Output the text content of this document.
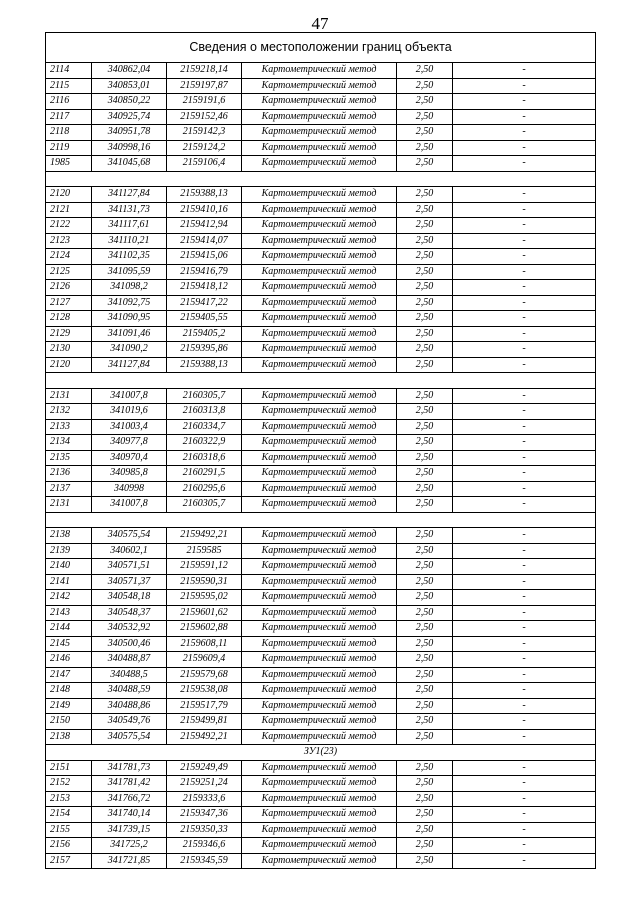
47
Сведения о местоположении границ объекта					
2114	340862,04	2159218,14	Картометрический метод	2,50	-
2115	340853,01	2159197,87	Картометрический метод	2,50	-
2116	340850,22	2159191,6	Картометрический метод	2,50	-
2117	340925,74	2159152,46	Картометрический метод	2,50	-
2118	340951,78	2159142,3	Картометрический метод	2,50	-
2119	340998,16	2159124,2	Картометрический метод	2,50	-
1985	341045,68	2159106,4	Картометрический метод	2,50	-

2120	341127,84	2159388,13	Картометрический метод	2,50	-
2121	341131,73	2159410,16	Картометрический метод	2,50	-
2122	341117,61	2159412,94	Картометрический метод	2,50	-
2123	341110,21	2159414,07	Картометрический метод	2,50	-
2124	341102,35	2159415,06	Картометрический метод	2,50	-
2125	341095,59	2159416,79	Картометрический метод	2,50	-
2126	341098,2	2159418,12	Картометрический метод	2,50	-
2127	341092,75	2159417,22	Картометрический метод	2,50	-
2128	341090,95	2159405,55	Картометрический метод	2,50	-
2129	341091,46	2159405,2	Картометрический метод	2,50	-
2130	341090,2	2159395,86	Картометрический метод	2,50	-
2120	341127,84	2159388,13	Картометрический метод	2,50	-

2131	341007,8	2160305,7	Картометрический метод	2,50	-
2132	341019,6	2160313,8	Картометрический метод	2,50	-
2133	341003,4	2160334,7	Картометрический метод	2,50	-
2134	340977,8	2160322,9	Картометрический метод	2,50	-
2135	340970,4	2160318,6	Картометрический метод	2,50	-
2136	340985,8	2160291,5	Картометрический метод	2,50	-
2137	340998	2160295,6	Картометрический метод	2,50	-
2131	341007,8	2160305,7	Картометрический метод	2,50	-

2138	340575,54	2159492,21	Картометрический метод	2,50	-
2139	340602,1	2159585	Картометрический метод	2,50	-
2140	340571,51	2159591,12	Картометрический метод	2,50	-
2141	340571,37	2159590,31	Картометрический метод	2,50	-
2142	340548,18	2159595,02	Картометрический метод	2,50	-
2143	340548,37	2159601,62	Картометрический метод	2,50	-
2144	340532,92	2159602,88	Картометрический метод	2,50	-
2145	340500,46	2159608,11	Картометрический метод	2,50	-
2146	340488,87	2159609,4	Картометрический метод	2,50	-
2147	340488,5	2159579,68	Картометрический метод	2,50	-
2148	340488,59	2159538,08	Картометрический метод	2,50	-
2149	340488,86	2159517,79	Картометрический метод	2,50	-
2150	340549,76	2159499,81	Картометрический метод	2,50	-
2138	340575,54	2159492,21	Картометрический метод	2,50	-
ЗУ1(23)					
2151	341781,73	2159249,49	Картометрический метод	2,50	-
2152	341781,42	2159251,24	Картометрический метод	2,50	-
2153	341766,72	2159333,6	Картометрический метод	2,50	-
2154	341740,14	2159347,36	Картометрический метод	2,50	-
2155	341739,15	2159350,33	Картометрический метод	2,50	-
2156	341725,2	2159346,6	Картометрический метод	2,50	-
2157	341721,85	2159345,59	Картометрический метод	2,50	-
